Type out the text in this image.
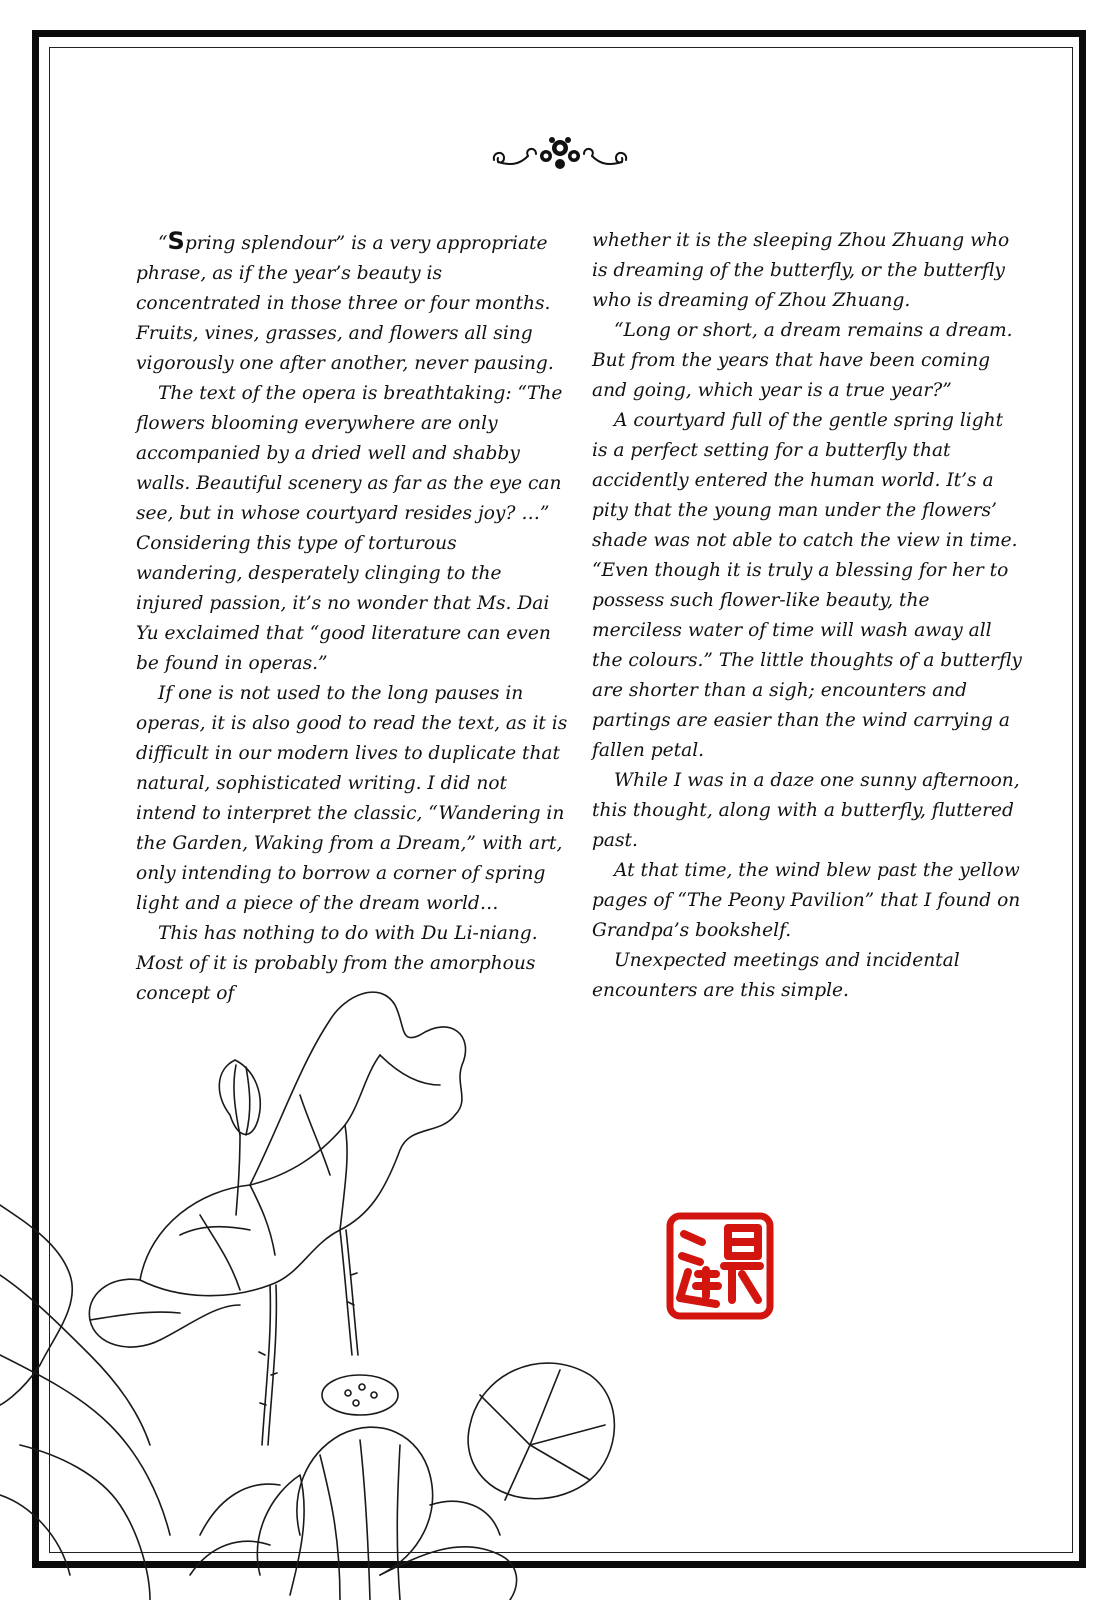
“Spring splendour” is a very appropriate phrase, as if the year’s beauty is concentrated in those three or four months. Fruits, vines, grasses, and flowers all sing vigorously one after another, never pausing.

The text of the opera is breathtaking: “The flowers blooming everywhere are only accompanied by a dried well and shabby walls. Beautiful scenery as far as the eye can see, but in whose courtyard resides joy? …” Considering this type of torturous wandering, desperately clinging to the injured passion, it’s no wonder that Ms. Dai Yu exclaimed that “good literature can even be found in operas.”

If one is not used to the long pauses in operas, it is also good to read the text, as it is difficult in our modern lives to duplicate that natural, sophisticated writing. I did not intend to interpret the classic, “Wandering in the Garden, Waking from a Dream,” with art, only intending to borrow a corner of spring light and a piece of the dream world…

This has nothing to do with Du Li-niang. Most of it is probably from the amorphous concept of

whether it is the sleeping Zhou Zhuang who is dreaming of the butterfly, or the butterfly who is dreaming of Zhou Zhuang.

“Long or short, a dream remains a dream. But from the years that have been coming and going, which year is a true year?”

A courtyard full of the gentle spring light is a perfect setting for a butterfly that accidently entered the human world. It’s a pity that the young man under the flowers’ shade was not able to catch the view in time. “Even though it is truly a blessing for her to possess such flower-like beauty, the merciless water of time will wash away all the colours.” The little thoughts of a butterfly are shorter than a sigh; encounters and partings are easier than the wind carrying a fallen petal.

While I was in a daze one sunny afternoon, this thought, along with a butterfly, fluttered past.

At that time, the wind blew past the yellow pages of “The Peony Pavilion” that I found on Grandpa’s bookshelf.

Unexpected meetings and incidental encounters are this simple.
